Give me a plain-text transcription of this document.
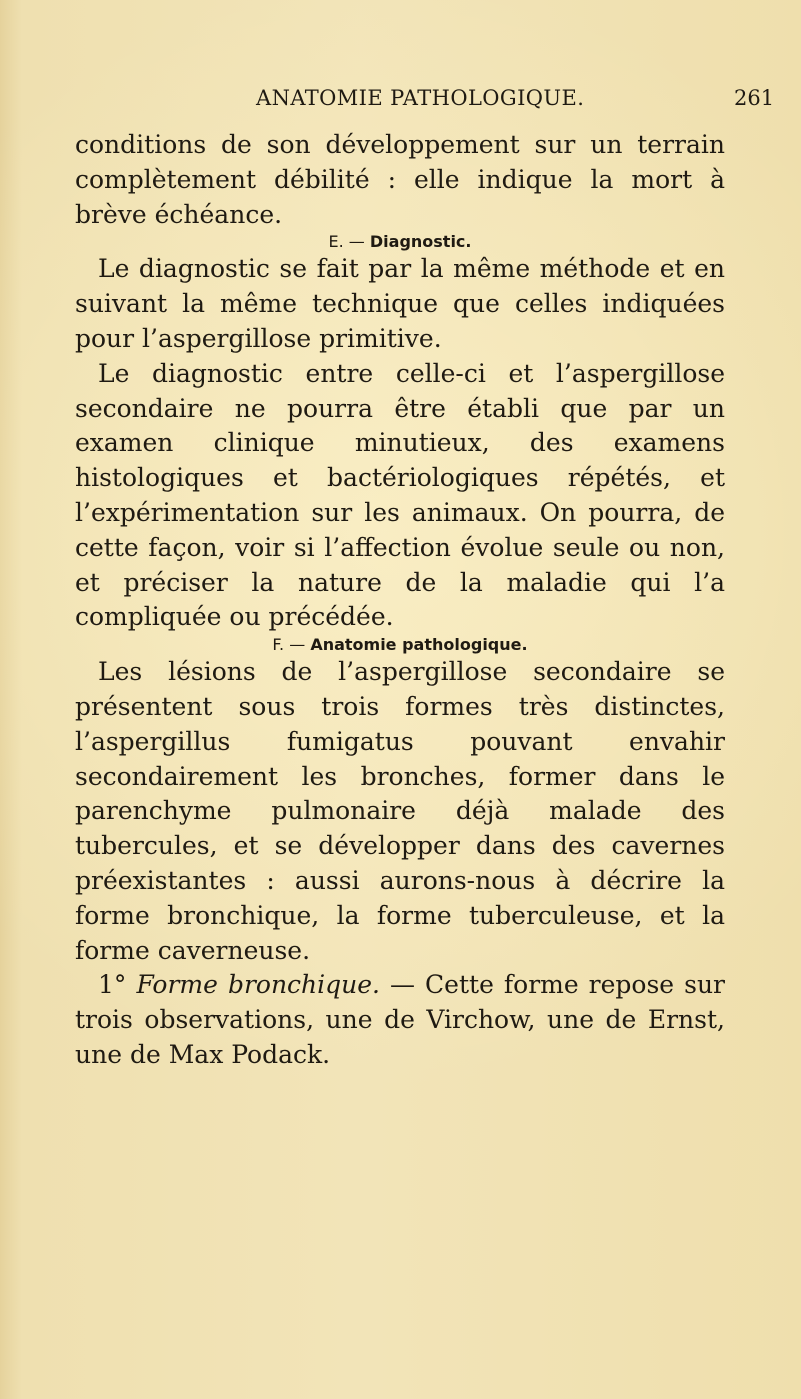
ANATOMIE PATHOLOGIQUE.	261

conditions de son développement sur un terrain complètement débilité : elle indique la mort à brève échéance.

E. — Diagnostic.

Le diagnostic se fait par la même méthode et en suivant la même technique que celles indiquées pour l’aspergillose primitive.

Le diagnostic entre celle-ci et l’aspergillose secondaire ne pourra être établi que par un examen clinique minutieux, des examens histologiques et bactériologiques répétés, et l’expérimentation sur les animaux. On pourra, de cette façon, voir si l’affection évolue seule ou non, et préciser la nature de la maladie qui l’a compliquée ou précédée.

F. — Anatomie pathologique.

Les lésions de l’aspergillose secondaire se présentent sous trois formes très distinctes, l’aspergillus fumigatus pouvant envahir secondairement les bronches, former dans le parenchyme pulmonaire déjà malade des tubercules, et se développer dans des cavernes préexistantes : aussi aurons-nous à décrire la forme bronchique, la forme tuberculeuse, et la forme caverneuse.

1° Forme bronchique. — Cette forme repose sur trois observations, une de Virchow, une de Ernst, une de Max Podack.
